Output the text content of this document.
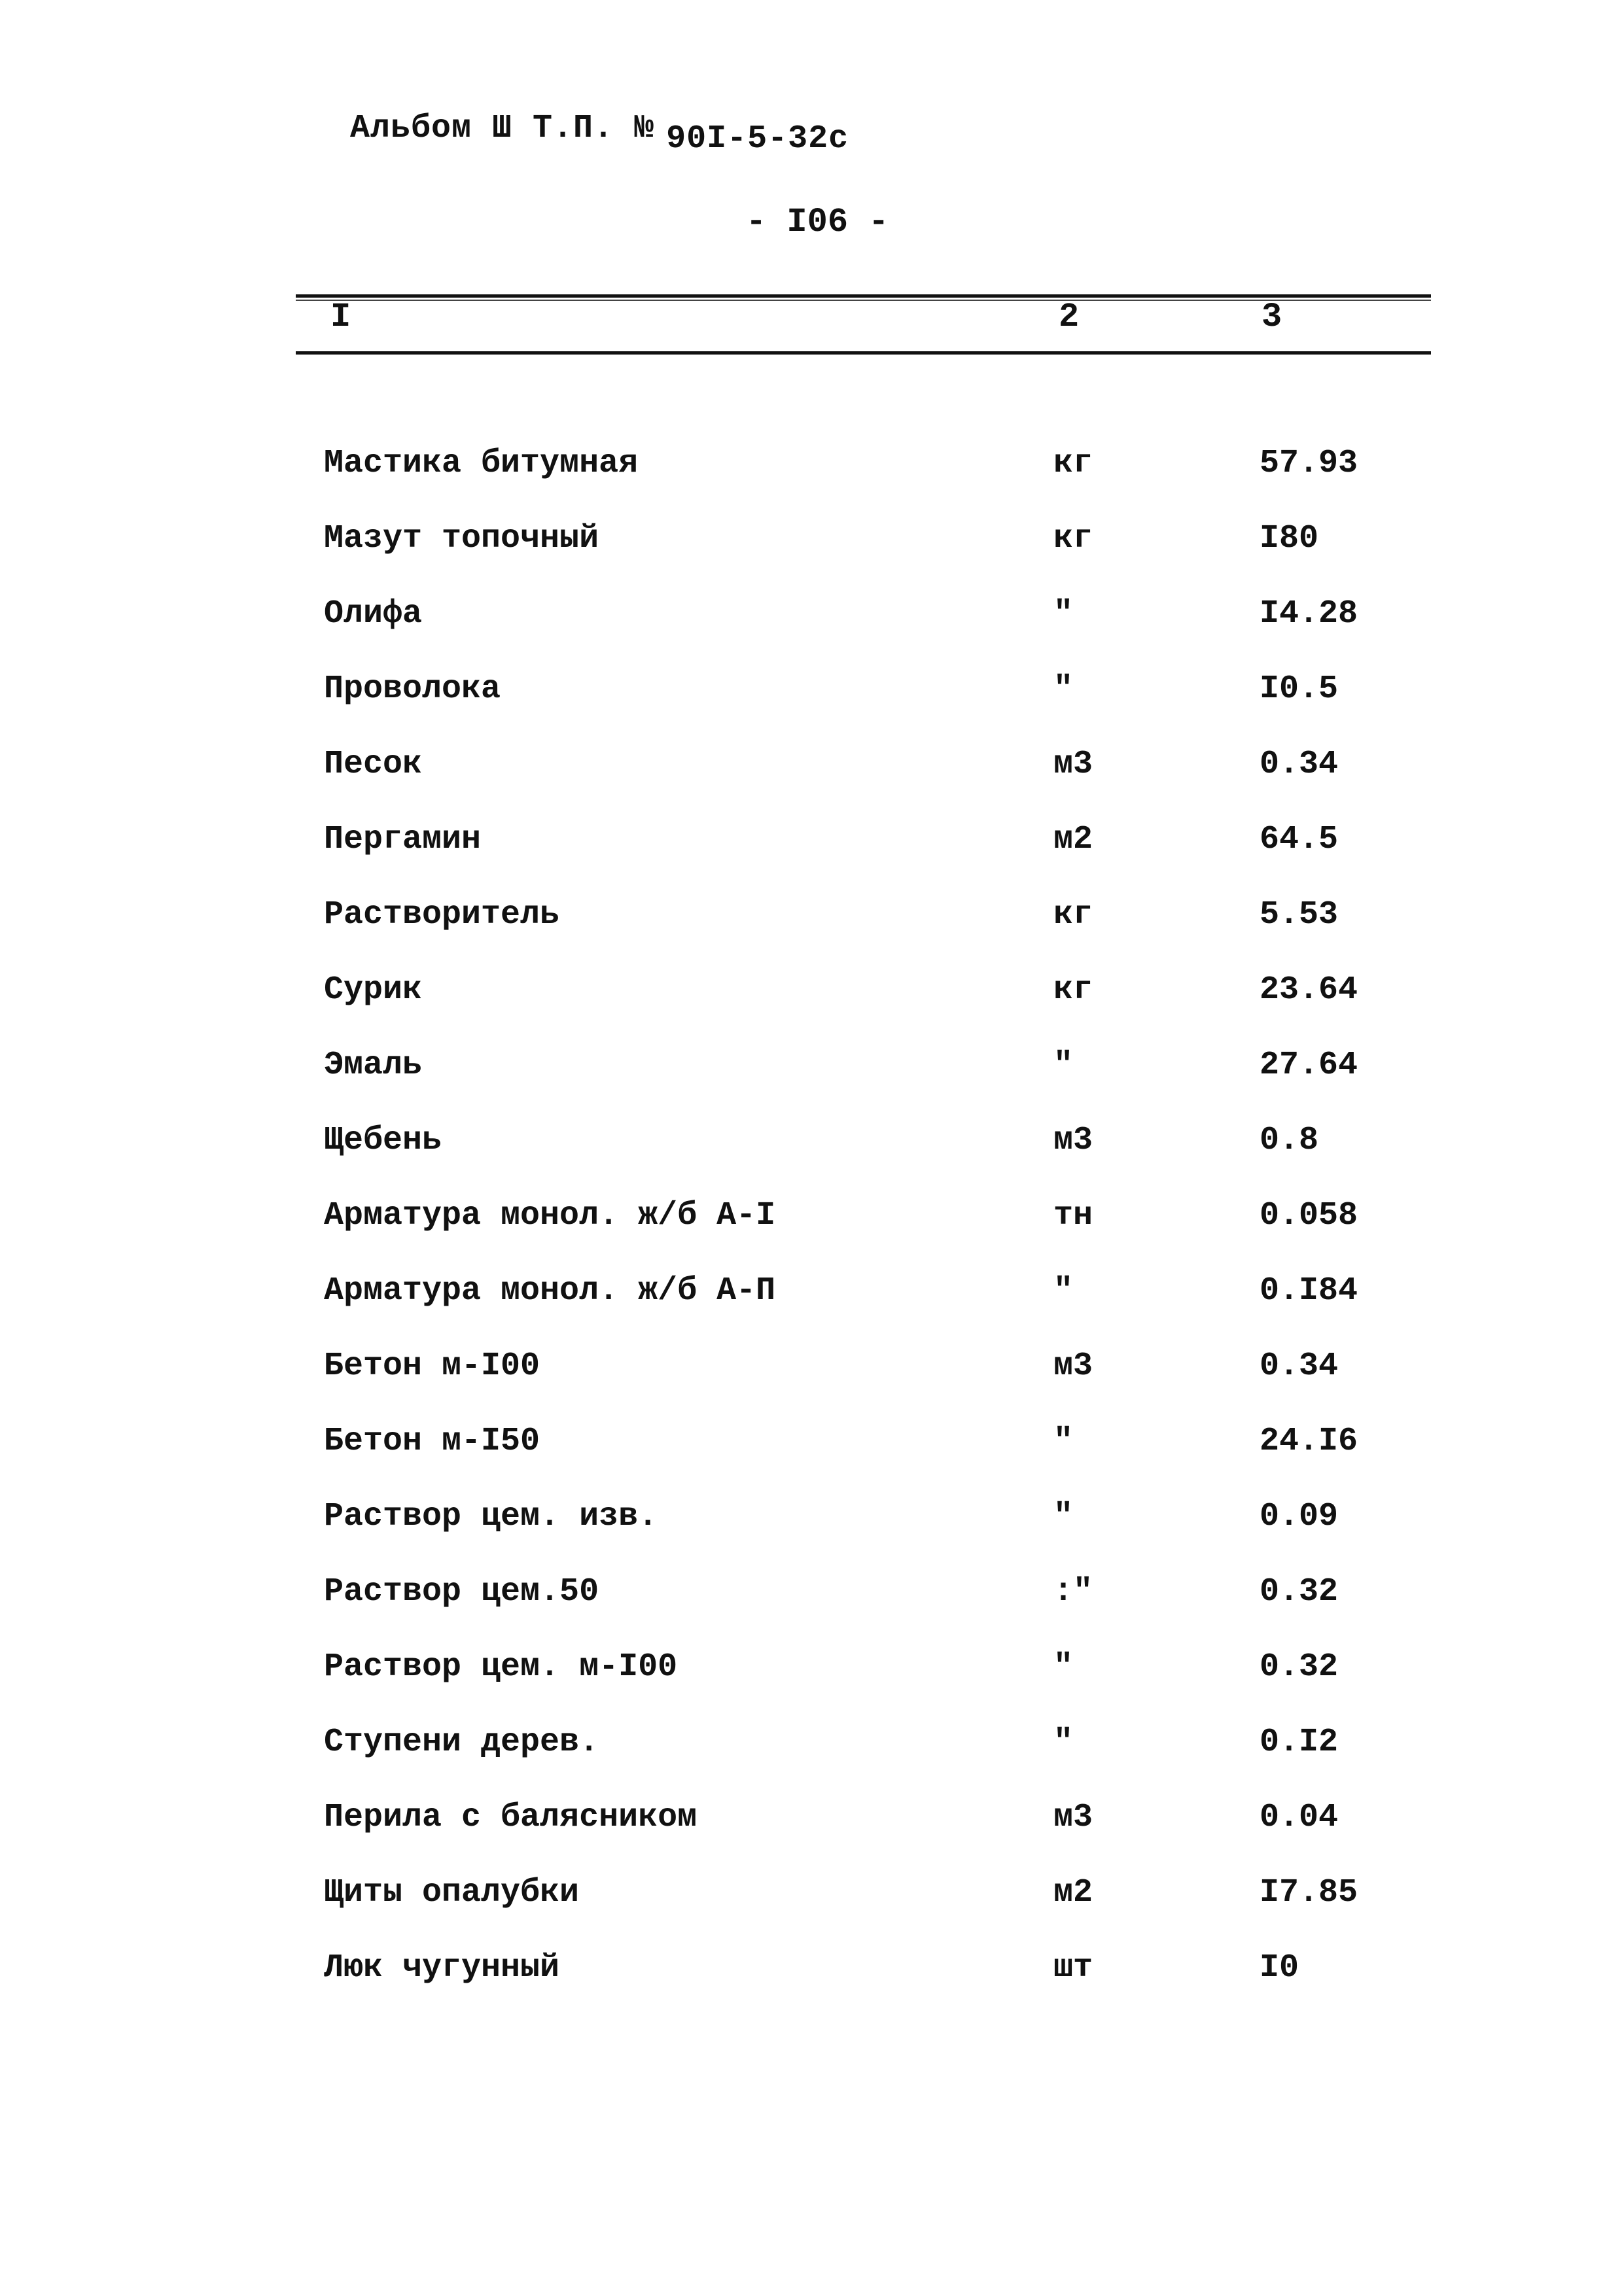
Альбом Ш Т.П. № 90I-5-32c
- I06 -
I	2	3
Мастика битумная	кг	57.93
Мазут топочный	кг	I80
Олифа	"	I4.28
Проволока	"	I0.5
Песок	м3	0.34
Пергамин	м2	64.5
Растворитель	кг	5.53
Сурик	кг	23.64
Эмаль	"	27.64
Щебень	м3	0.8
Арматура монол. ж/б А-I	тн	0.058
Арматура монол. ж/б А-П	"	0.I84
Бетон м-I00	м3	0.34
Бетон м-I50	"	24.I6
Раствор цем. изв.	"	0.09
Раствор цем.50	:"	0.32
Раствор цем. м-I00	"	0.32
Ступени дерев.	"	0.I2
Перила с балясником	м3	0.04
Щиты опалубки	м2	I7.85
Люк чугунный	шт	I0
